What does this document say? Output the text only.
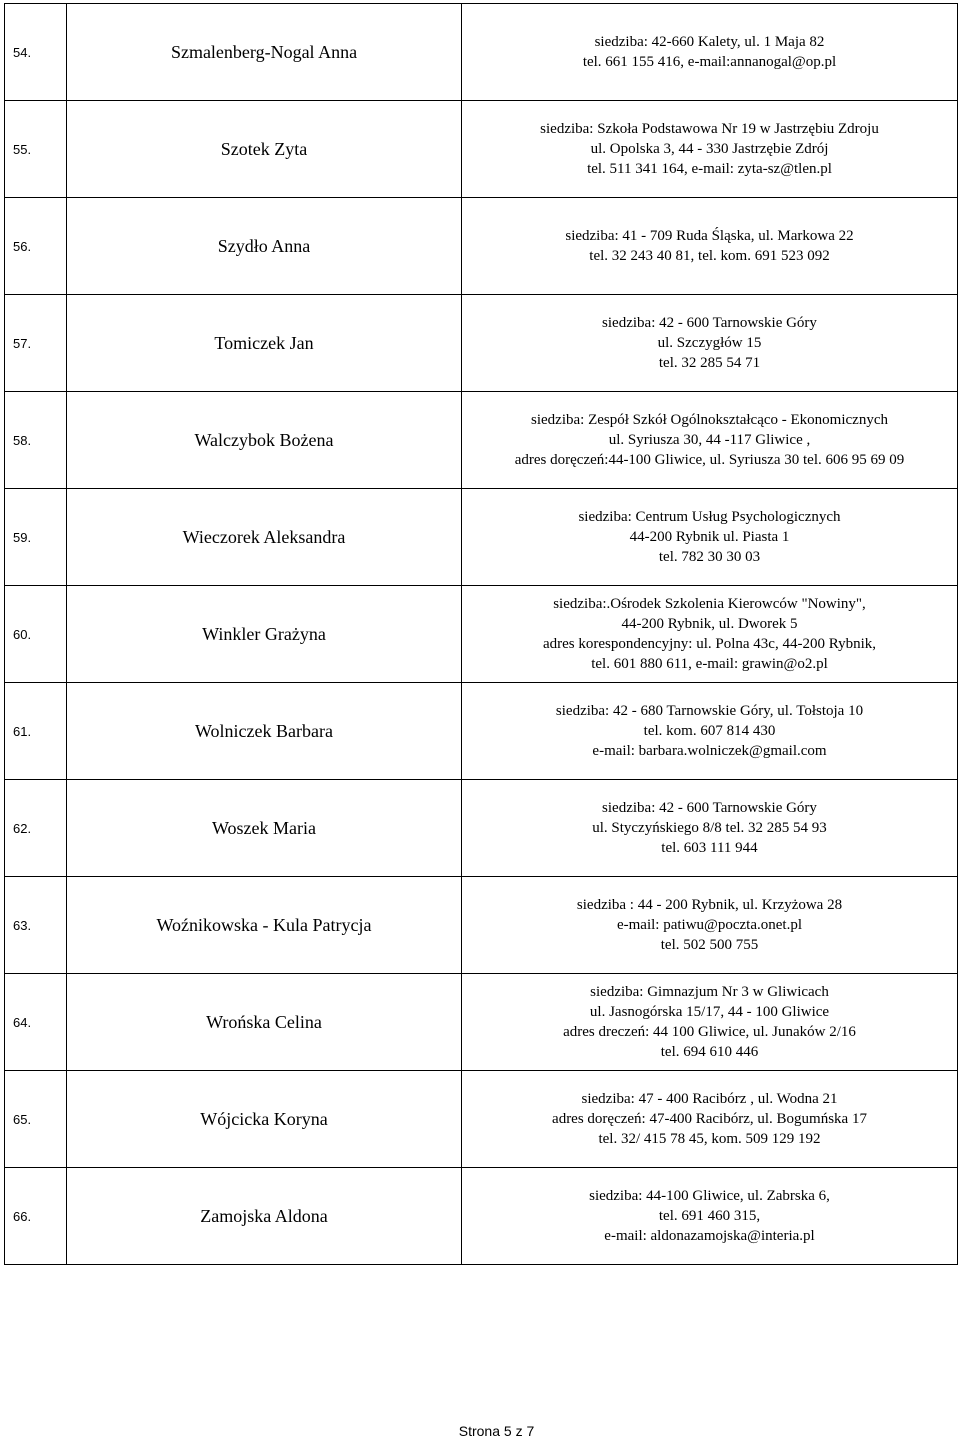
54.	Szmalenberg-Nogal Anna	siedziba: 42-660 Kalety, ul. 1 Maja 82
tel. 661 155 416, e-mail:annanogal@op.pl

55.	Szotek Zyta	siedziba: Szkoła Podstawowa Nr 19 w Jastrzębiu Zdroju
ul. Opolska 3, 44 - 330 Jastrzębie Zdrój
tel. 511 341 164, e-mail: zyta-sz@tlen.pl

56.	Szydło Anna	siedziba: 41 - 709 Ruda Śląska, ul. Markowa 22
tel. 32 243 40 81, tel. kom. 691 523 092

57.	Tomiczek Jan	siedziba: 42 - 600 Tarnowskie Góry
ul. Szczygłów 15
tel. 32 285 54 71

58.	Walczybok Bożena	siedziba: Zespół Szkół Ogólnokształcąco - Ekonomicznych
ul. Syriusza 30, 44 -117 Gliwice ,
adres doręczeń:44-100 Gliwice, ul. Syriusza 30 tel. 606 95 69 09

59.	Wieczorek Aleksandra	siedziba: Centrum Usług Psychologicznych
44-200 Rybnik ul. Piasta 1
tel. 782 30 30 03

60.	Winkler Grażyna	siedziba:.Ośrodek Szkolenia Kierowców "Nowiny",
44-200 Rybnik, ul. Dworek 5
adres korespondencyjny: ul. Polna 43c, 44-200 Rybnik,
tel. 601 880 611, e-mail: grawin@o2.pl

61.	Wolniczek Barbara	siedziba: 42 - 680 Tarnowskie Góry, ul. Tołstoja 10
tel. kom. 607 814 430
e-mail: barbara.wolniczek@gmail.com

62.	Woszek Maria	siedziba: 42 - 600 Tarnowskie Góry
ul. Styczyńskiego 8/8 tel. 32 285 54 93
tel. 603 111 944

63.	Woźnikowska - Kula Patrycja	siedziba : 44 - 200 Rybnik, ul. Krzyżowa 28
e-mail: patiwu@poczta.onet.pl
tel. 502 500 755

64.	Wrońska Celina	siedziba: Gimnazjum Nr 3 w Gliwicach
ul. Jasnogórska 15/17, 44 - 100 Gliwice
adres dreczeń: 44 100 Gliwice, ul. Junaków 2/16
tel. 694 610 446

65.	Wójcicka Koryna	siedziba: 47 - 400 Racibórz , ul. Wodna 21
adres doręczeń: 47-400 Racibórz, ul. Bogumńska 17
tel. 32/ 415 78 45, kom. 509 129 192

66.	Zamojska Aldona	siedziba: 44-100 Gliwice, ul. Zabrska 6,
tel. 691 460 315,
e-mail: aldonazamojska@interia.pl
Strona 5 z 7
